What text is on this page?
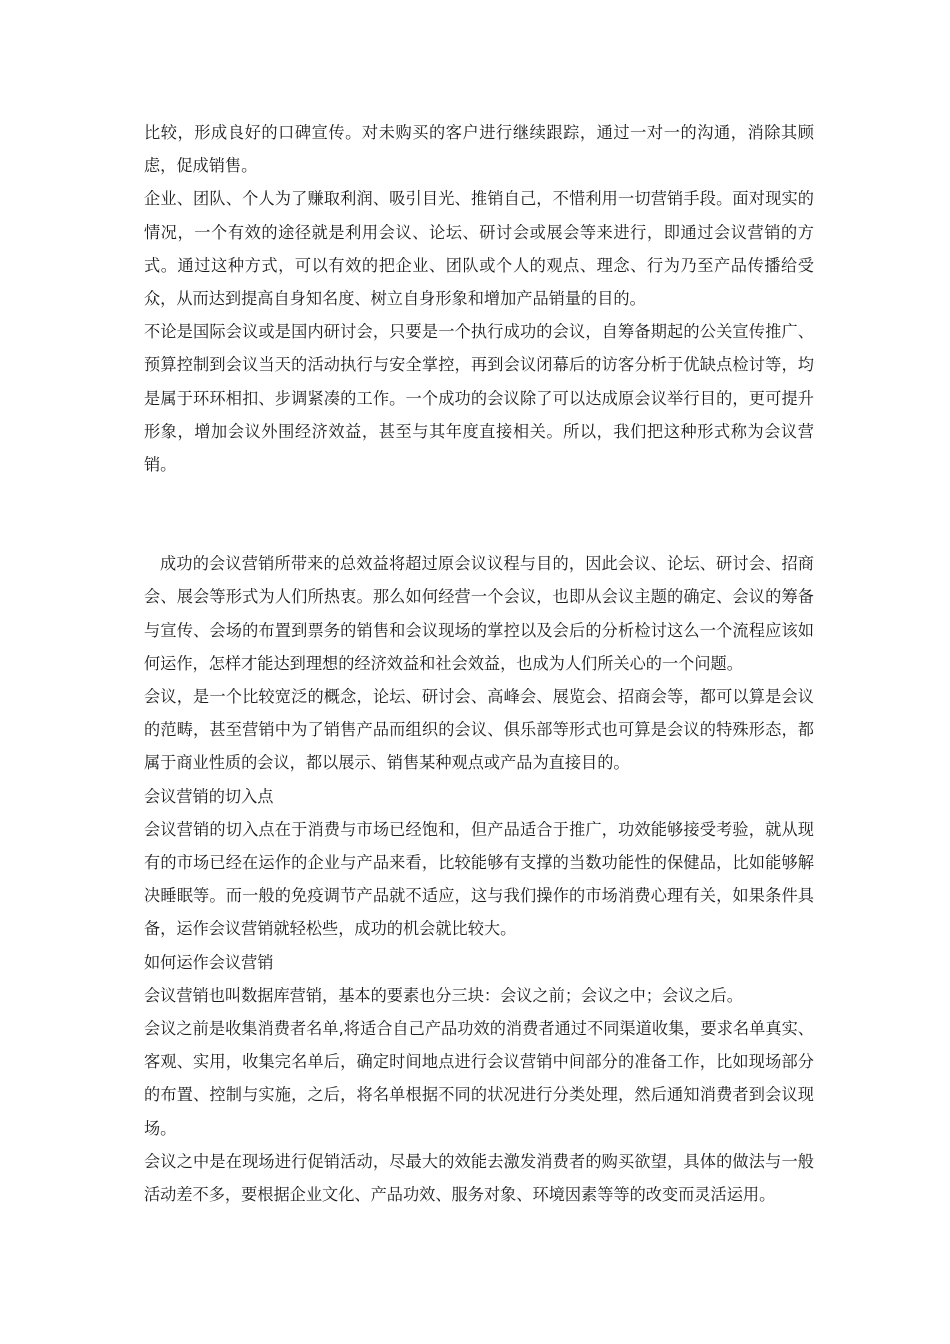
比较，形成良好的口碑宣传。对未购买的客户进行继续跟踪，通过一对一的沟通，消除其顾虑，促成销售。

企业、团队、个人为了赚取利润、吸引目光、推销自己，不惜利用一切营销手段。面对现实的情况，一个有效的途径就是利用会议、论坛、研讨会或展会等来进行，即通过会议营销的方式。通过这种方式，可以有效的把企业、团队或个人的观点、理念、行为乃至产品传播给受众，从而达到提高自身知名度、树立自身形象和增加产品销量的目的。

不论是国际会议或是国内研讨会，只要是一个执行成功的会议，自筹备期起的公关宣传推广、预算控制到会议当天的活动执行与安全掌控，再到会议闭幕后的访客分析于优缺点检讨等，均是属于环环相扣、步调紧凑的工作。一个成功的会议除了可以达成原会议举行目的，更可提升形象，增加会议外围经济效益，甚至与其年度直接相关。所以，我们把这种形式称为会议营销。

成功的会议营销所带来的总效益将超过原会议议程与目的，因此会议、论坛、研讨会、招商会、展会等形式为人们所热衷。那么如何经营一个会议，也即从会议主题的确定、会议的筹备与宣传、会场的布置到票务的销售和会议现场的掌控以及会后的分析检讨这么一个流程应该如何运作，怎样才能达到理想的经济效益和社会效益，也成为人们所关心的一个问题。

会议，是一个比较宽泛的概念，论坛、研讨会、高峰会、展览会、招商会等，都可以算是会议的范畴，甚至营销中为了销售产品而组织的会议、俱乐部等形式也可算是会议的特殊形态，都属于商业性质的会议，都以展示、销售某种观点或产品为直接目的。

会议营销的切入点

会议营销的切入点在于消费与市场已经饱和，但产品适合于推广，功效能够接受考验，就从现有的市场已经在运作的企业与产品来看，比较能够有支撑的当数功能性的保健品，比如能够解决睡眠等。而一般的免疫调节产品就不适应，这与我们操作的市场消费心理有关，如果条件具备，运作会议营销就轻松些，成功的机会就比较大。

如何运作会议营销

会议营销也叫数据库营销，基本的要素也分三块：会议之前；会议之中；会议之后。

会议之前是收集消费者名单,将适合自己产品功效的消费者通过不同渠道收集，要求名单真实、客观、实用，收集完名单后，确定时间地点进行会议营销中间部分的准备工作，比如现场部分的布置、控制与实施，之后，将名单根据不同的状况进行分类处理，然后通知消费者到会议现场。

会议之中是在现场进行促销活动，尽最大的效能去激发消费者的购买欲望，具体的做法与一般活动差不多，要根据企业文化、产品功效、服务对象、环境因素等等的改变而灵活运用。
